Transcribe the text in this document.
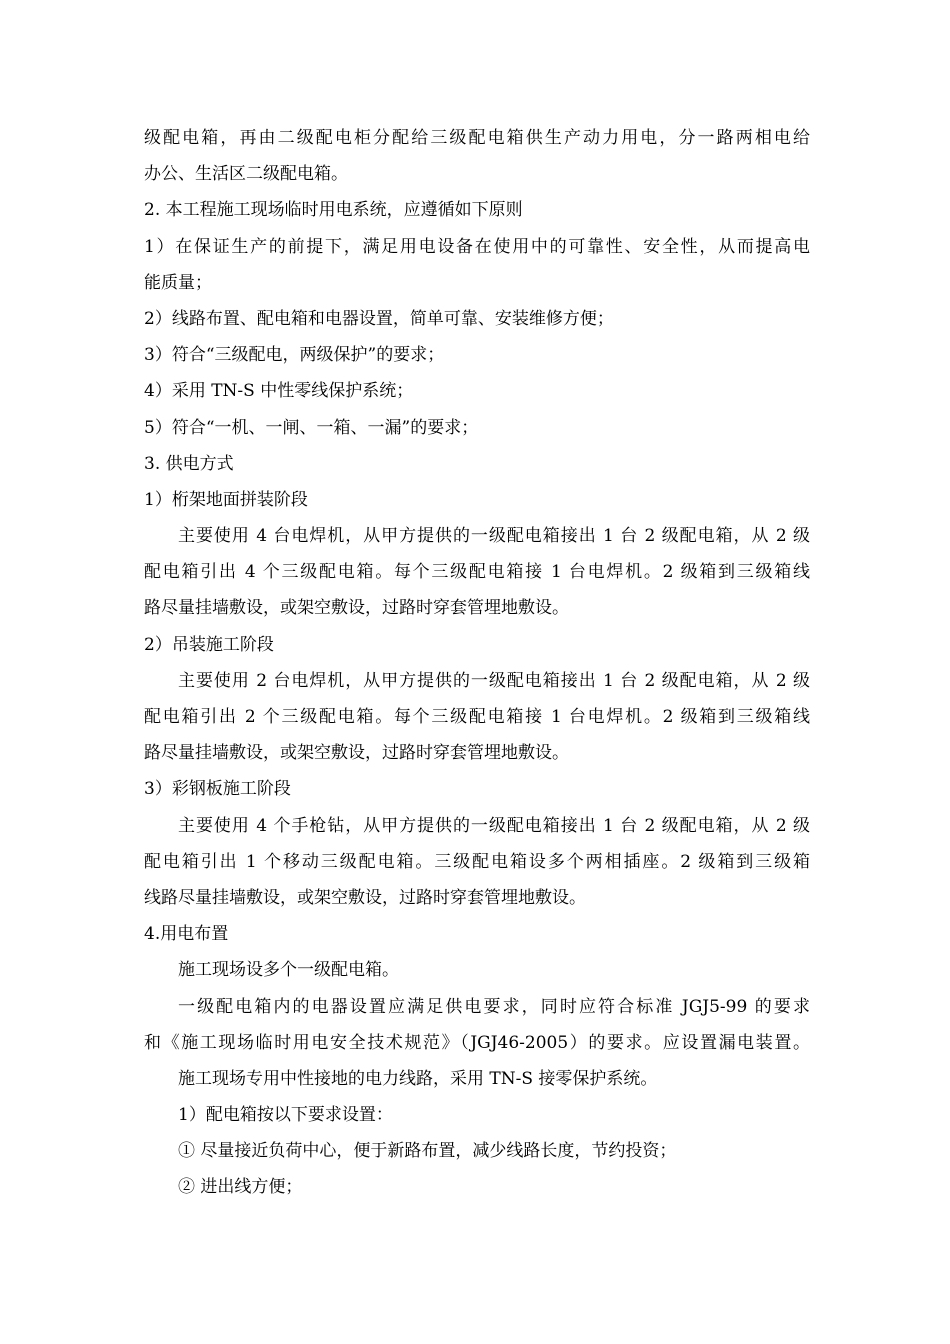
级配电箱，再由二级配电柜分配给三级配电箱供生产动力用电，分一路两相电给
办公、生活区二级配电箱。
2. 本工程施工现场临时用电系统，应遵循如下原则
1）在保证生产的前提下，满足用电设备在使用中的可靠性、安全性，从而提高电
能质量；
2）线路布置、配电箱和电器设置，简单可靠、安装维修方便；
3）符合“三级配电，两级保护”的要求；
4）采用 TN-S 中性零线保护系统；
5）符合“一机、一闸、一箱、一漏”的要求；
3. 供电方式
1）桁架地面拼装阶段
主要使用 4 台电焊机，从甲方提供的一级配电箱接出 1 台 2 级配电箱，从 2 级
配电箱引出 4 个三级配电箱。每个三级配电箱接 1 台电焊机。2 级箱到三级箱线
路尽量挂墙敷设，或架空敷设，过路时穿套管埋地敷设。
2）吊装施工阶段
主要使用 2 台电焊机，从甲方提供的一级配电箱接出 1 台 2 级配电箱，从 2 级
配电箱引出 2 个三级配电箱。每个三级配电箱接 1 台电焊机。2 级箱到三级箱线
路尽量挂墙敷设，或架空敷设，过路时穿套管埋地敷设。
3）彩钢板施工阶段
主要使用 4 个手枪钻，从甲方提供的一级配电箱接出 1 台 2 级配电箱，从 2 级
配电箱引出 1 个移动三级配电箱。三级配电箱设多个两相插座。2 级箱到三级箱
线路尽量挂墙敷设，或架空敷设，过路时穿套管埋地敷设。
4.用电布置
施工现场设多个一级配电箱。
一级配电箱内的电器设置应满足供电要求，同时应符合标准 JGJ5-99 的要求
和《施工现场临时用电安全技术规范》（JGJ46-2005）的要求。应设置漏电装置。
施工现场专用中性接地的电力线路，采用 TN-S 接零保护系统。
1）配电箱按以下要求设置：
① 尽量接近负荷中心，便于新路布置，减少线路长度，节约投资；
② 进出线方便；
